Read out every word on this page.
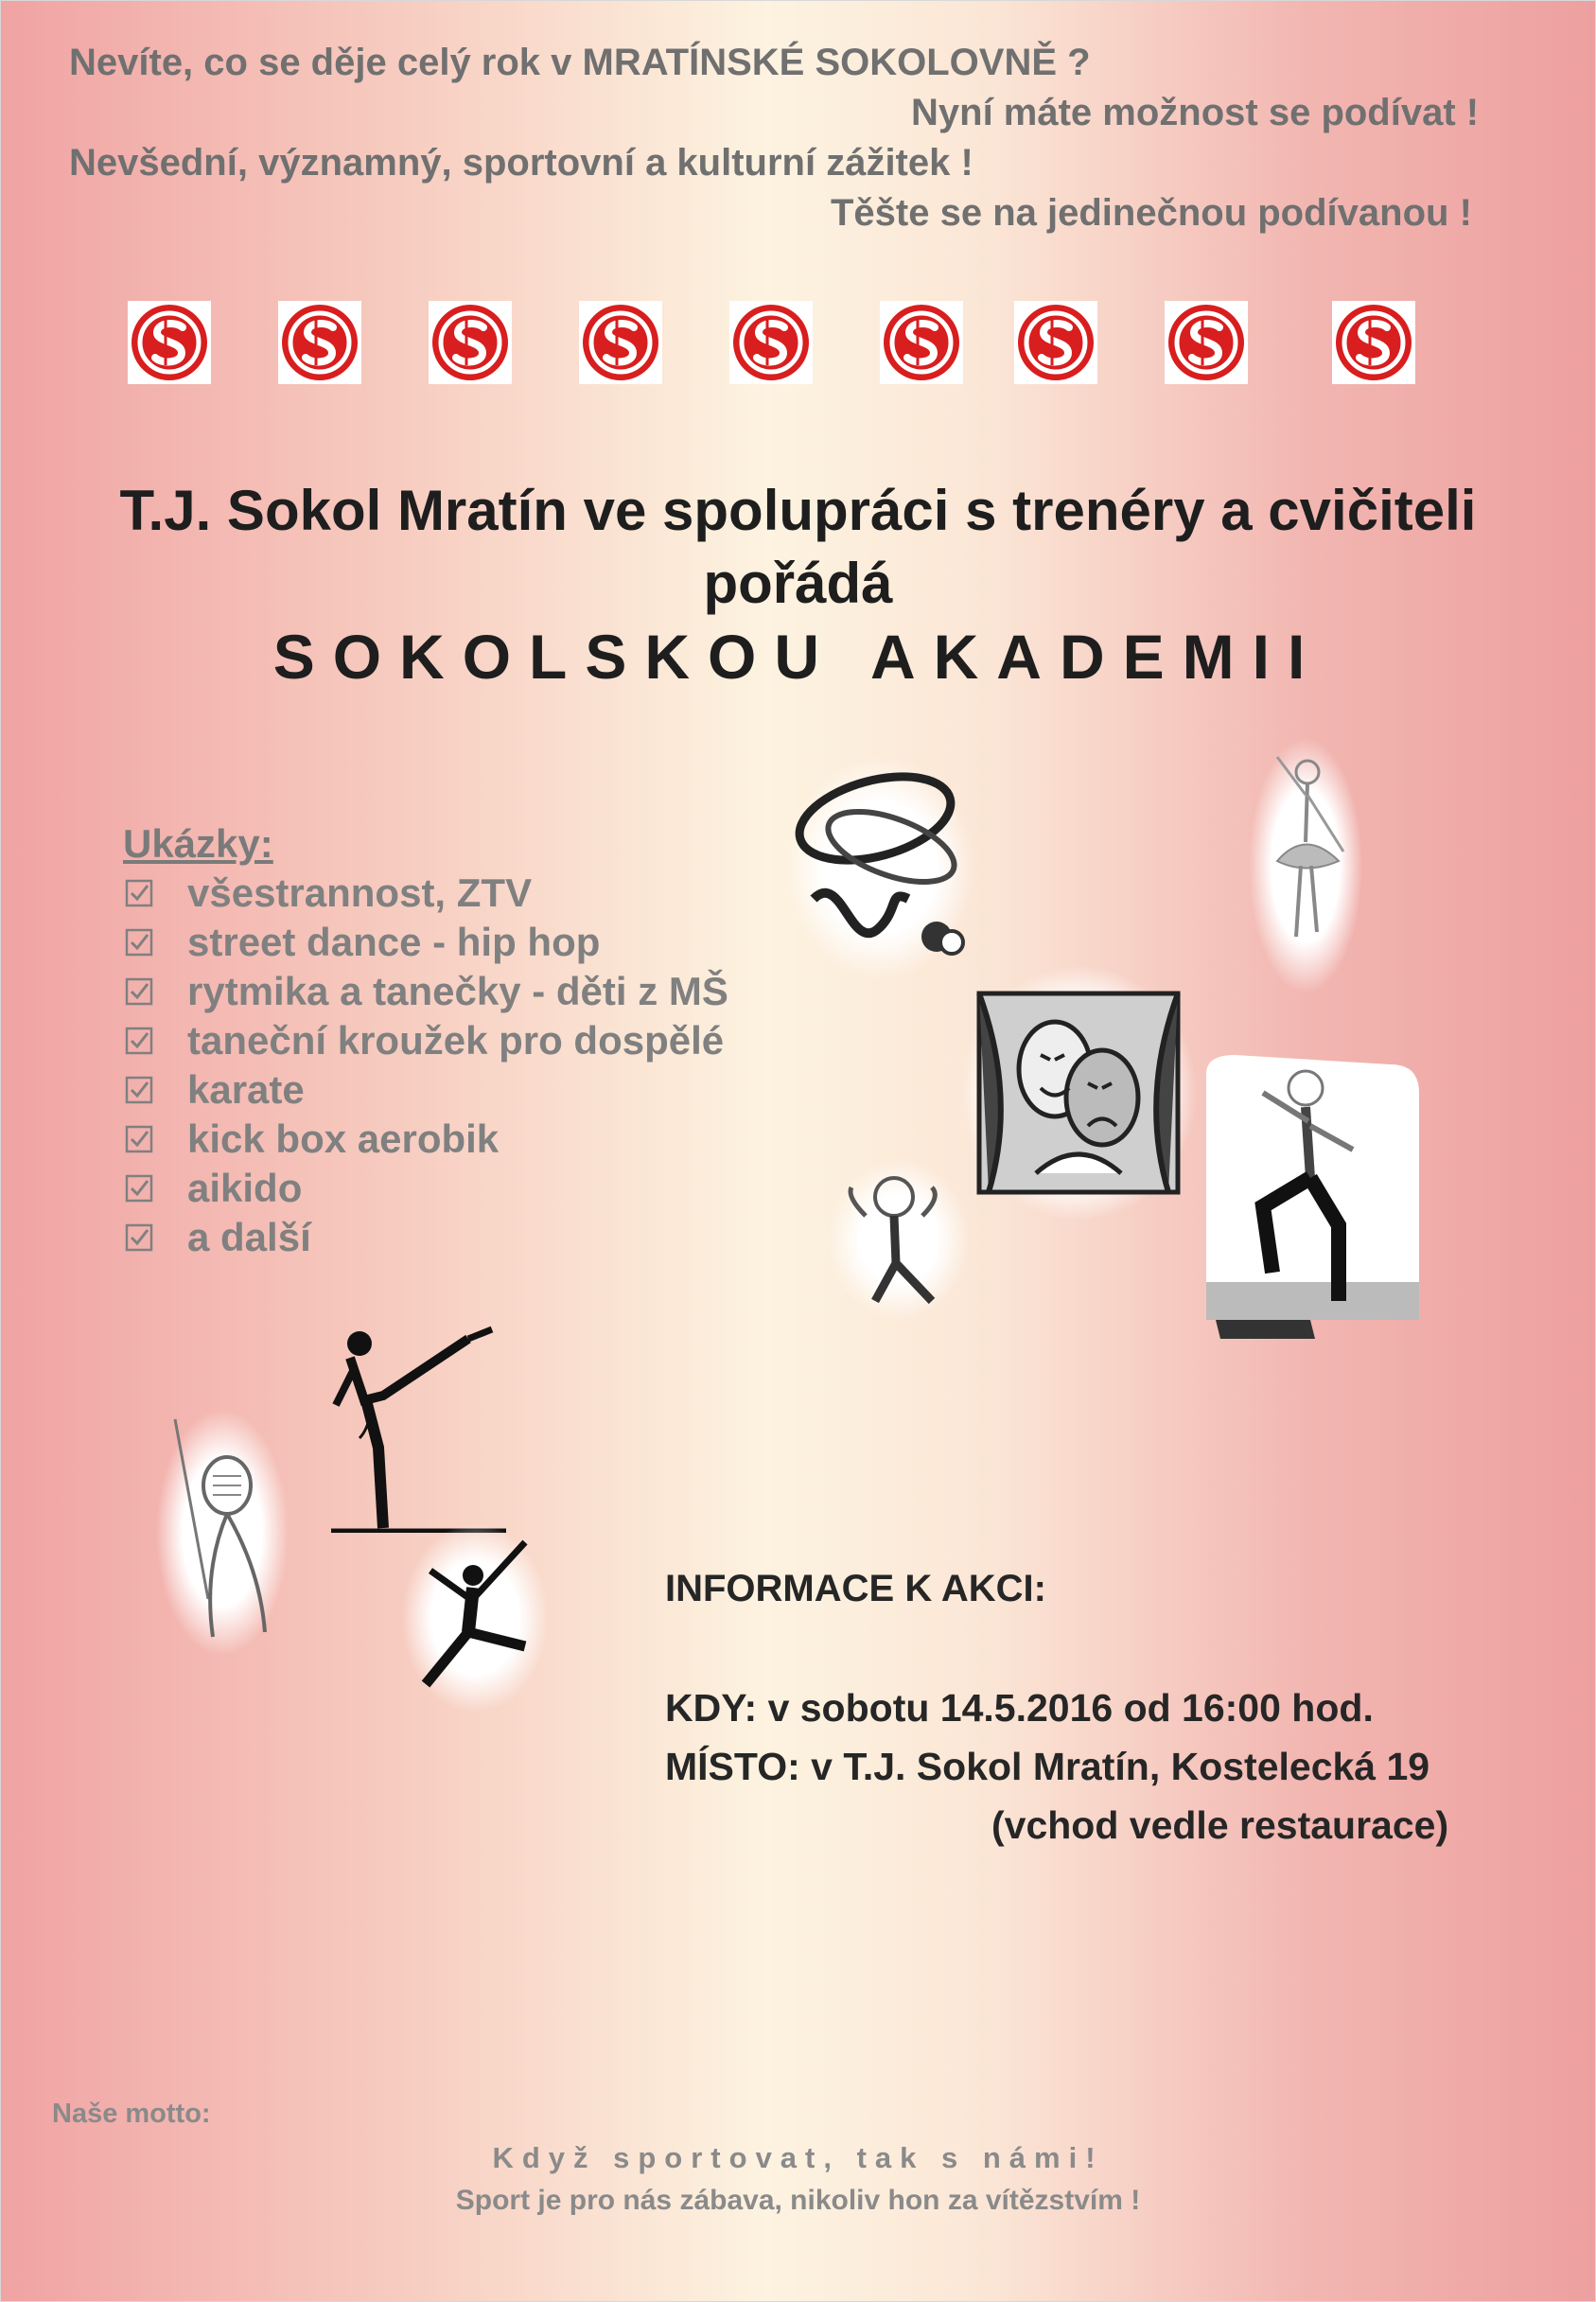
Nevíte, co se děje celý rok v MRATÍNSKÉ SOKOLOVNĚ ?
Nyní máte možnost se podívat !
Nevšední, významný, sportovní a kulturní zážitek !
Těšte se na jedinečnou podívanou !
T.J. Sokol Mratín ve spolupráci s trenéry a cvičiteli
pořádá
SOKOLSKOU AKADEMII
Ukázky:
všestrannost, ZTV
street dance - hip hop
rytmika a tanečky - děti z MŠ
taneční kroužek pro dospělé
karate
kick box aerobik
aikido
a další
INFORMACE K AKCI:
KDY: v sobotu 14.5.2016 od 16:00 hod.
MÍSTO: v T.J. Sokol Mratín, Kostelecká 19
(vchod vedle restaurace)
Naše motto:
Když sportovat, tak s námi!
Sport je pro nás zábava, nikoliv hon za vítězstvím !
